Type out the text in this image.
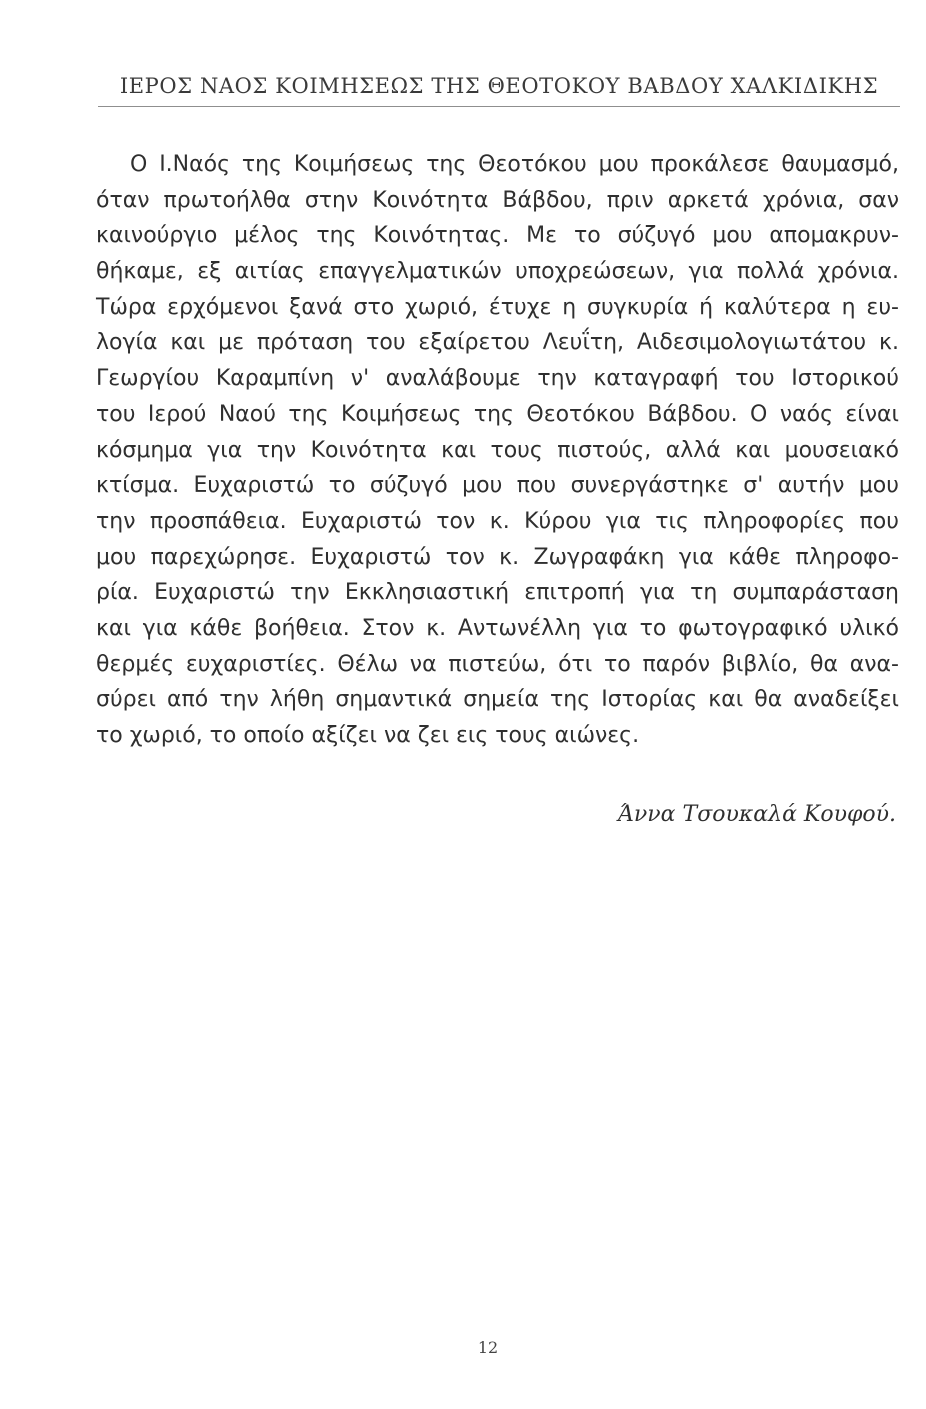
ΙΕΡΟΣ ΝΑΟΣ ΚΟΙΜΗΣΕΩΣ ΤΗΣ ΘΕΟΤΟΚΟΥ ΒΑΒΔΟΥ ΧΑΛΚΙΔΙΚΗΣ
Ο Ι.Ναός της Κοιμήσεως της Θεοτόκου μου προκάλεσε θαυμασμό,
όταν πρωτοήλθα στην Κοινότητα Βάβδου, πριν αρκετά χρόνια, σαν
καινούργιο μέλος της Κοινότητας. Με το σύζυγό μου απομακρυν-
θήκαμε, εξ αιτίας επαγγελματικών υποχρεώσεων, για πολλά χρόνια.
Τώρα ερχόμενοι ξανά στο χωριό, έτυχε η συγκυρία ή καλύτερα η ευ-
λογία και με πρόταση του εξαίρετου Λευΐτη, Αιδεσιμολογιωτάτου κ.
Γεωργίου Καραμπίνη ν' αναλάβουμε την καταγραφή του Ιστορικού
του Ιερού Ναού της Κοιμήσεως της Θεοτόκου Βάβδου. Ο ναός είναι
κόσμημα για την Κοινότητα και τους πιστούς, αλλά και μουσειακό
κτίσμα. Ευχαριστώ το σύζυγό μου που συνεργάστηκε σ' αυτήν μου
την προσπάθεια. Ευχαριστώ τον κ. Κύρου για τις πληροφορίες που
μου παρεχώρησε. Ευχαριστώ τον κ. Ζωγραφάκη για κάθε πληροφο-
ρία. Ευχαριστώ την Εκκλησιαστική επιτροπή για τη συμπαράσταση
και για κάθε βοήθεια. Στον κ. Αντωνέλλη για το φωτογραφικό υλικό
θερμές ευχαριστίες. Θέλω να πιστεύω, ότι το παρόν βιβλίο, θα ανα-
σύρει από την λήθη σημαντικά σημεία της Ιστορίας και θα αναδείξει
το χωριό, το οποίο αξίζει να ζει εις τους αιώνες.
Άννα Τσουκαλά Κουφού.
12
